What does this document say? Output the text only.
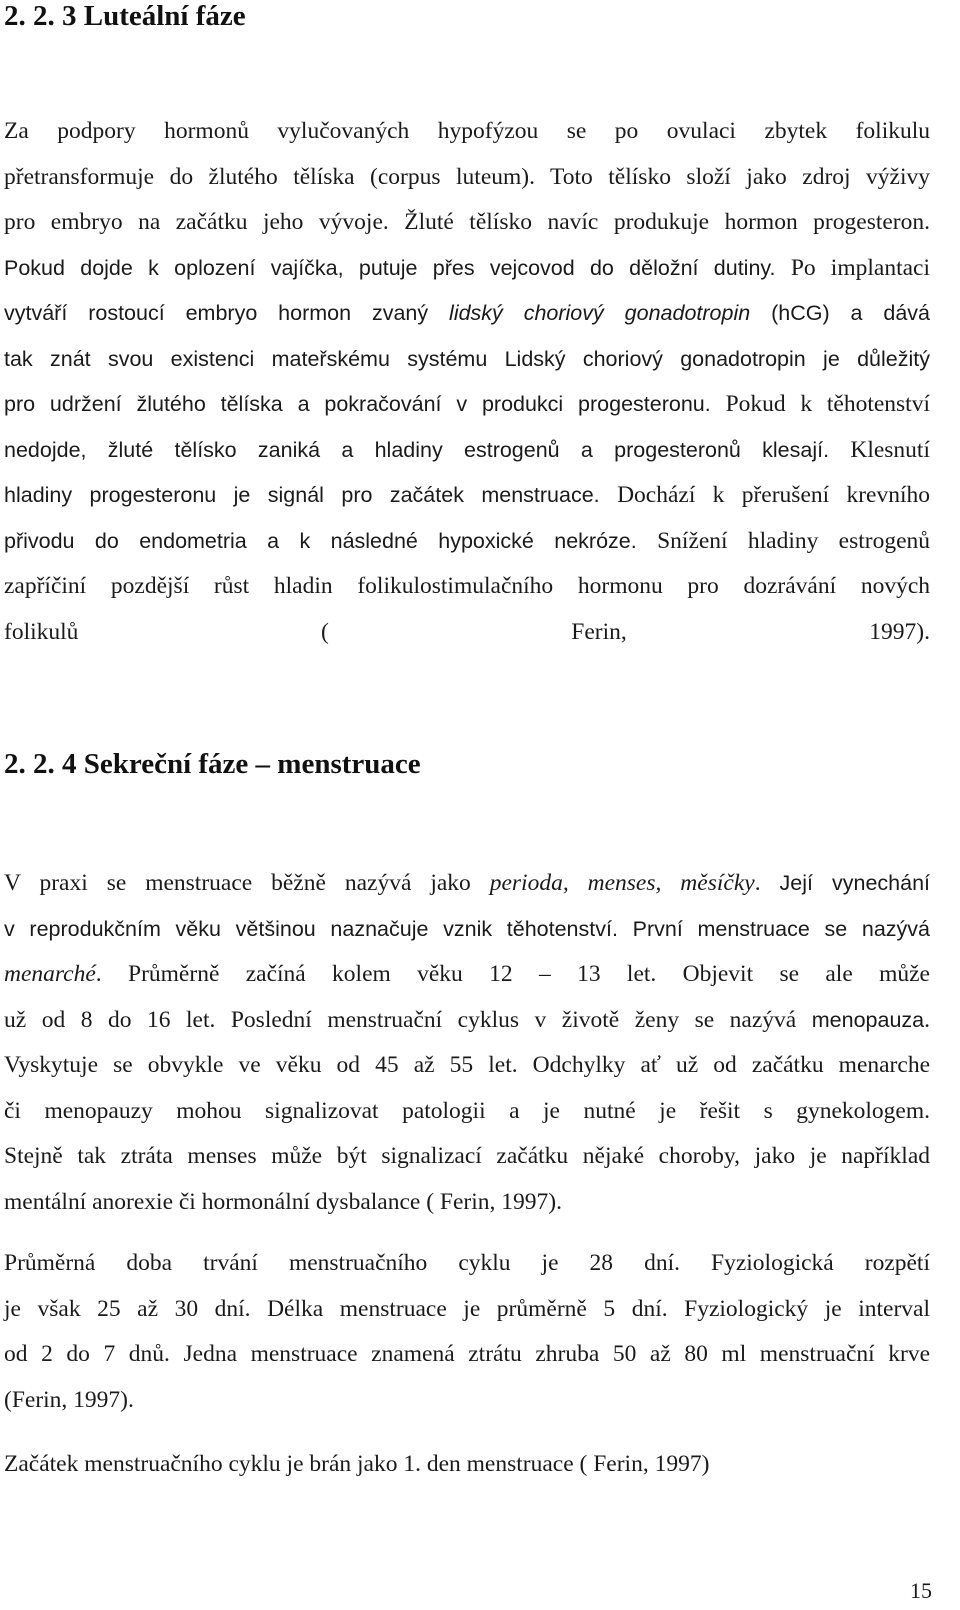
2. 2. 3 Luteální fáze

Za podpory hormonů vylučovaných hypofýzou se po ovulaci zbytek folikulu

přetransformuje do žlutého tělíska (corpus luteum). Toto tělísko složí jako zdroj výživy

pro embryo na začátku jeho vývoje. Žluté tělísko navíc produkuje hormon progesteron.

Pokud dojde k oplození vajíčka, putuje přes vejcovod do děložní dutiny. Po implantaci

vytváří rostoucí embryo hormon zvaný lidský choriový gonadotropin (hCG) a dává

tak znát svou existenci mateřskému systému Lidský choriový gonadotropin je důležitý

pro udržení žlutého tělíska a pokračování v produkci progesteronu. Pokud k těhotenství

nedojde, žluté tělísko zaniká a hladiny estrogenů a progesteronů klesají. Klesnutí

hladiny progesteronu je signál pro začátek menstruace. Dochází k přerušení krevního

přivodu do endometria a k následné hypoxické nekróze. Snížení hladiny estrogenů

zapříčiní pozdější růst hladin folikulostimulačního hormonu pro dozrávání nových

folikulů ( Ferin, 1997).

2. 2. 4 Sekreční fáze – menstruace

V praxi se menstruace běžně nazývá jako perioda, menses, měsíčky. Její vynechání

v reprodukčním věku většinou naznačuje vznik těhotenství. První menstruace se nazývá

menarché. Průměrně začíná kolem věku 12 – 13 let. Objevit se ale může

už od 8 do 16 let. Poslední menstruační cyklus v životě ženy se nazývá menopauza.

Vyskytuje se obvykle ve věku od 45 až 55 let. Odchylky ať už od začátku menarche

či menopauzy mohou signalizovat patologii a je nutné je řešit s gynekologem.

Stejně tak ztráta menses může být signalizací začátku nějaké choroby, jako je například

mentální anorexie či hormonální dysbalance ( Ferin, 1997).

Průměrná doba trvání menstruačního cyklu je 28 dní. Fyziologická rozpětí

je však 25 až 30 dní. Délka menstruace je průměrně 5 dní. Fyziologický je interval

od 2 do 7 dnů. Jedna menstruace znamená ztrátu zhruba 50 až 80 ml menstruační krve

(Ferin, 1997).

Začátek menstruačního cyklu je brán jako 1. den menstruace ( Ferin, 1997)

15
